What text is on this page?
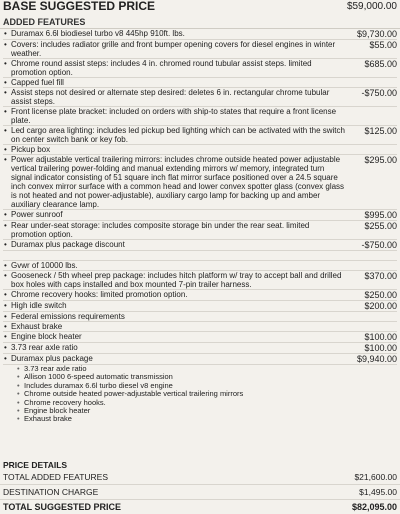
BASE SUGGESTED PRICE	$59,000.00
ADDED FEATURES
• Duramax 6.6l biodiesel turbo v8 445hp 910ft. lbs.	$9,730.00
• Covers: includes radiator grille and front bumper opening covers for diesel engines in winter weather.
$55.00
• Chrome round assist steps: includes 4 in. chromed round tubular assist steps. limited promotion option.
$685.00
• Capped fuel fill
• Assist steps not desired or alternate step desired: deletes 6 in. rectangular chrome tubular assist steps.
-$750.00
• Front license plate bracket: included on orders with ship-to states that require a front license plate.
• Led cargo area lighting: includes led pickup bed lighting which can be activated with the switch on center switch bank or key fob.
$125.00
• Pickup box
• Power adjustable vertical trailering mirrors: includes chrome outside heated power adjustable vertical trailering power-folding and manual extending mirrors w/ memory, integrated turn signal indicator consisting of 51 square inch flat mirror surface positioned over a 24.5 square inch convex mirror surface with a common head and lower convex spotter glass (convex glass is not heated and not power-adjustable), auxiliary cargo lamp for backing up and amber auxiliary clearance lamp.
$295.00
• Power sunroof	$995.00
• Rear under-seat storage: includes composite storage bin under the rear seat. limited promotion option.
$255.00
• Duramax plus package discount	-$750.00
• Gvwr of 10000 lbs.
• Gooseneck / 5th wheel prep package: includes hitch platform w/ tray to accept ball and drilled box holes with caps installed and box mounted 7-pin trailer harness.
$370.00
• Chrome recovery hooks: limited promotion option.	$250.00
• High idle switch	$200.00
• Federal emissions requirements
• Exhaust brake
• Engine block heater	$100.00
• 3.73 rear axle ratio	$100.00
• Duramax plus package	$9,940.00
• 3.73 rear axle ratio
• Allison 1000 6-speed automatic transmission
• Includes duramax 6.6l turbo diesel v8 engine
• Chrome outside heated power-adjustable vertical trailering mirrors
• Chrome recovery hooks.
• Engine block heater
• Exhaust brake
PRICE DETAILS
TOTAL ADDED FEATURES	$21,600.00
DESTINATION CHARGE	$1,495.00
TOTAL SUGGESTED PRICE	$82,095.00
